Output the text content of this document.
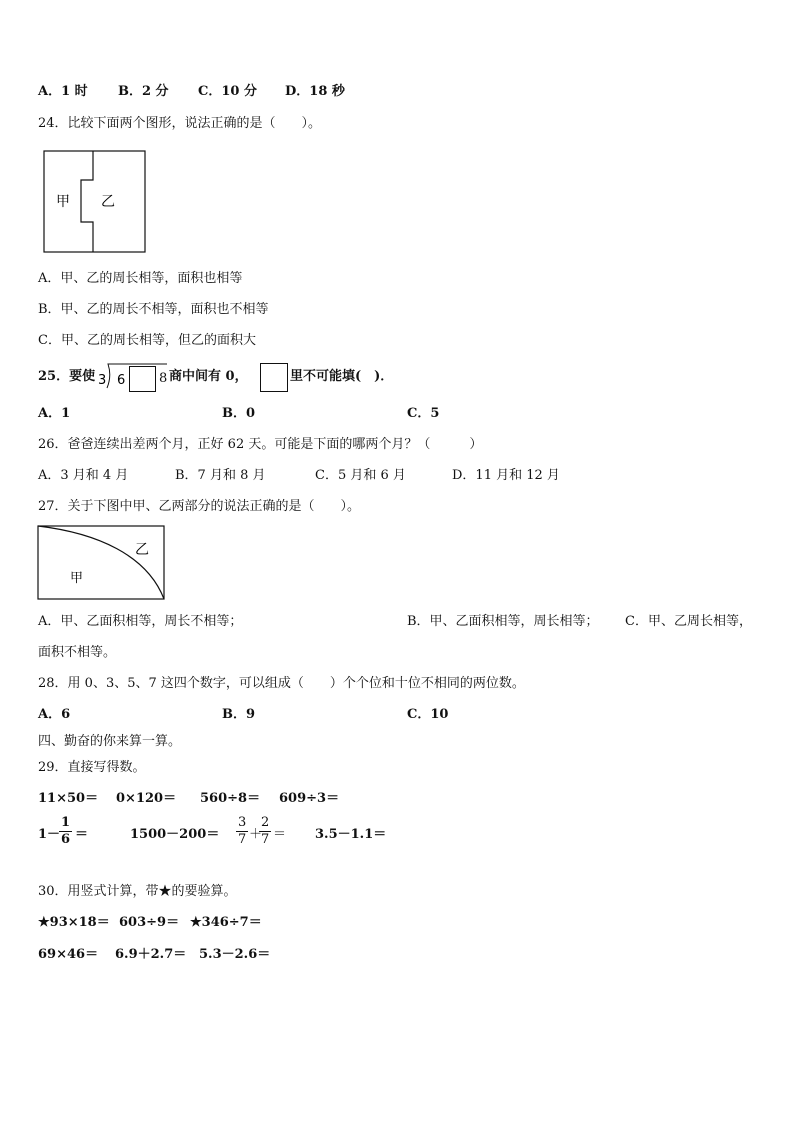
A．1 时 B．2 分 C．10 分 D．18 秒
24．比较下面两个图形，说法正确的是（　　）。
甲 乙
A．甲、乙的周长相等，面积也相等
B．甲、乙的周长不相等，面积也不相等
C．甲、乙的周长相等，但乙的面积大
25．要使 3 6	8 商中间有 0，	里不可能填(　)．
A．1	B．0	C．5
26．爸爸连续出差两个月，正好 62 天。可能是下面的哪两个月？（　　　）
A．3 月和 4 月	B．7 月和 8 月	C．5 月和 6 月	D．11 月和 12 月
27．关于下图中甲、乙两部分的说法正确的是（　　）。
甲
乙
A．甲、乙面积相等，周长不相等；	B．甲、乙面积相等，周长相等； C．甲、乙周长相等，
面积不相等。
28．用 0、3、5、7 这四个数字，可以组成（　　）个个位和十位不相同的两位数。
A．6	B．9	C．10
四、勤奋的你来算一算。
29．直接写得数。
11×50＝ 0×120＝ 560÷8＝ 609÷3＝
1－
$\frac{1}{6}$ ＝	$1500-200= \frac{3}{7}$ ＋
$\frac{2}{7} = 3.5-1.1=$
30．用竖式计算，带★的要验算。
★93×18＝ 603÷9＝ ★346÷7＝
69×46＝ 6.9＋2.7＝ 5.3－2.6＝
